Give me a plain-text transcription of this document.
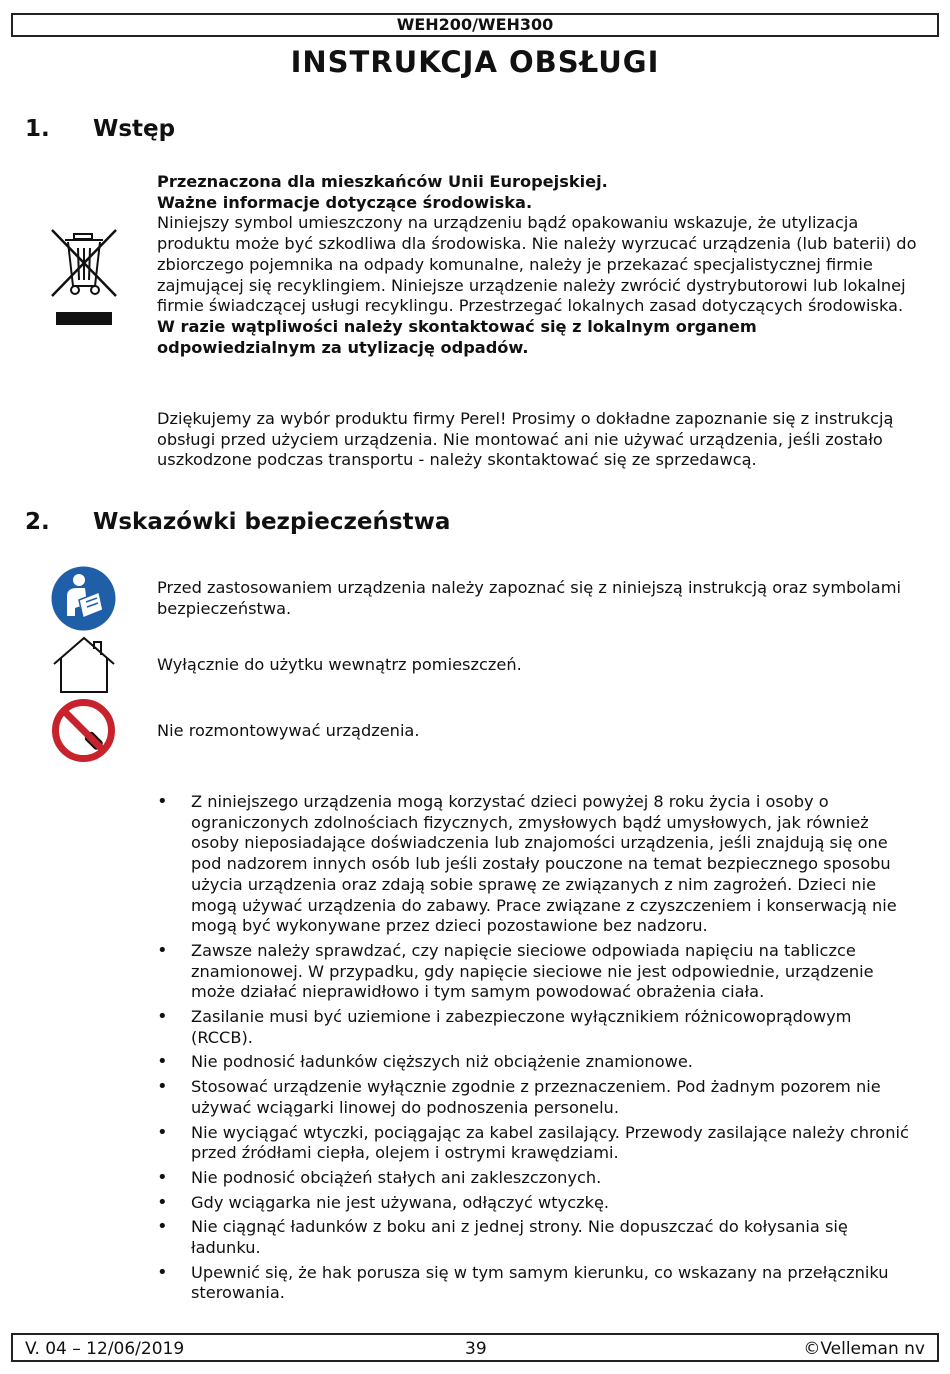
WEH200/WEH300
INSTRUKCJA OBSŁUGI
1. Wstęp
Przeznaczona dla mieszkańców Unii Europejskiej.
Ważne informacje dotyczące środowiska.
Niniejszy symbol umieszczony na urządzeniu bądź opakowaniu wskazuje, że utylizacja produktu może być szkodliwa dla środowiska. Nie należy wyrzucać urządzenia (lub baterii) do zbiorczego pojemnika na odpady komunalne, należy je przekazać specjalistycznej firmie zajmującej się recyklingiem. Niniejsze urządzenie należy zwrócić dystrybutorowi lub lokalnej firmie świadczącej usługi recyklingu. Przestrzegać lokalnych zasad dotyczących środowiska.
W razie wątpliwości należy skontaktować się z lokalnym organem odpowiedzialnym za utylizację odpadów.
Dziękujemy za wybór produktu firmy Perel! Prosimy o dokładne zapoznanie się z instrukcją obsługi przed użyciem urządzenia. Nie montować ani nie używać urządzenia, jeśli zostało uszkodzone podczas transportu - należy skontaktować się ze sprzedawcą.
2. Wskazówki bezpieczeństwa
Przed zastosowaniem urządzenia należy zapoznać się z niniejszą instrukcją oraz symbolami bezpieczeństwa.
Wyłącznie do użytku wewnątrz pomieszczeń.
Nie rozmontowywać urządzenia.
• Z niniejszego urządzenia mogą korzystać dzieci powyżej 8 roku życia i osoby o ograniczonych zdolnościach fizycznych, zmysłowych bądź umysłowych, jak również osoby nieposiadające doświadczenia lub znajomości urządzenia, jeśli znajdują się one pod nadzorem innych osób lub jeśli zostały pouczone na temat bezpiecznego sposobu użycia urządzenia oraz zdają sobie sprawę ze związanych z nim zagrożeń. Dzieci nie mogą używać urządzenia do zabawy. Prace związane z czyszczeniem i konserwacją nie mogą być wykonywane przez dzieci pozostawione bez nadzoru.
• Zawsze należy sprawdzać, czy napięcie sieciowe odpowiada napięciu na tabliczce znamionowej. W przypadku, gdy napięcie sieciowe nie jest odpowiednie, urządzenie może działać nieprawidłowo i tym samym powodować obrażenia ciała.
• Zasilanie musi być uziemione i zabezpieczone wyłącznikiem różnicowoprądowym (RCCB).
• Nie podnosić ładunków cięższych niż obciążenie znamionowe.
• Stosować urządzenie wyłącznie zgodnie z przeznaczeniem. Pod żadnym pozorem nie używać wciągarki linowej do podnoszenia personelu.
• Nie wyciągać wtyczki, pociągając za kabel zasilający. Przewody zasilające należy chronić przed źródłami ciepła, olejem i ostrymi krawędziami.
• Nie podnosić obciążeń stałych ani zakleszczonych.
• Gdy wciągarka nie jest używana, odłączyć wtyczkę.
• Nie ciągnąć ładunków z boku ani z jednej strony. Nie dopuszczać do kołysania się ładunku.
• Upewnić się, że hak porusza się w tym samym kierunku, co wskazany na przełączniku sterowania.
V. 04 – 12/06/2019	39	©Velleman nv
